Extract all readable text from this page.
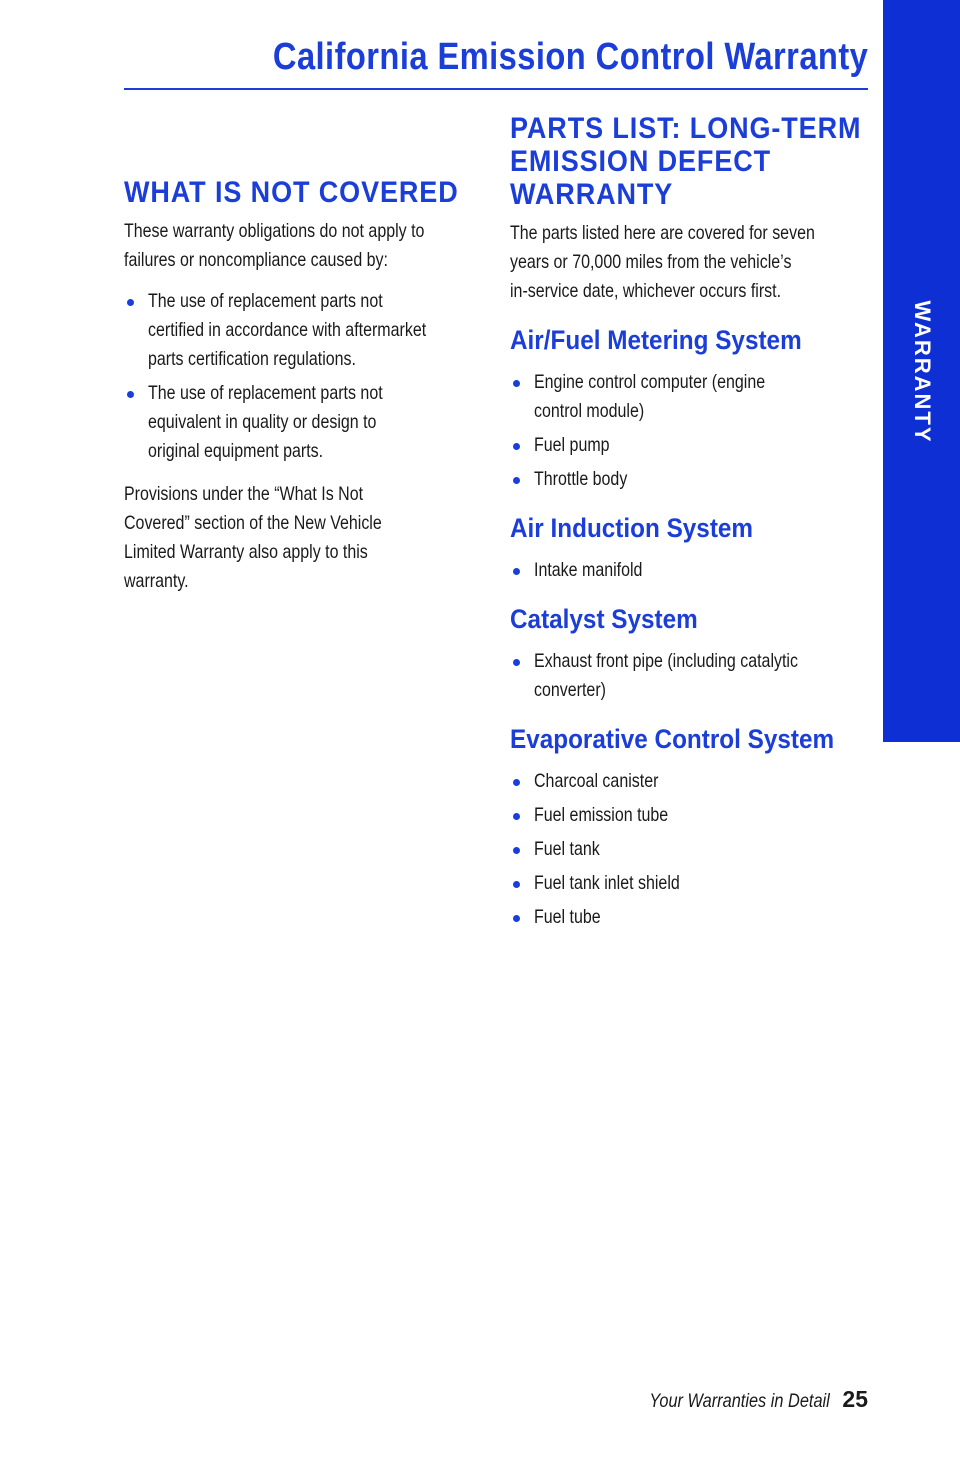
California Emission Control Warranty
WARRANTY
WHAT IS NOT COVERED

These warranty obligations do not apply to
failures or noncompliance caused by:

The use of replacement parts not
certified in accordance with aftermarket
parts certification regulations.
The use of replacement parts not
equivalent in quality or design to
original equipment parts.

Provisions under the “What Is Not
Covered” section of the New Vehicle
Limited Warranty also apply to this
warranty.

PARTS LIST: LONG-TERM
EMISSION DEFECT
WARRANTY

The parts listed here are covered for seven
years or 70,000 miles from the vehicle’s
in-service date, whichever occurs first.

Air/Fuel Metering System
Engine control computer (engine
control module)
Fuel pump
Throttle body
Air Induction System
Intake manifold
Catalyst System
Exhaust front pipe (including catalytic
converter)
Evaporative Control System
Charcoal canister
Fuel emission tube
Fuel tank
Fuel tank inlet shield
Fuel tube
Your Warranties in Detail 25
